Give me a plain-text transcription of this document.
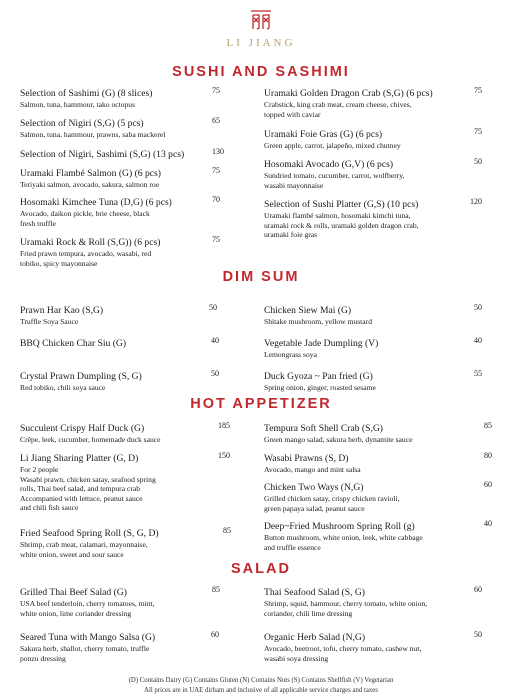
LI JIANG
SUSHI AND SASHIMI
Selection of Sashimi (G) (8 slices)	75
Salmon, tuna, hammour, tako octopus
Selection of Nigiri (S,G) (5 pcs)	65
Salmon, tuna, hammour, prawns, saba mackerel
Selection of Nigiri, Sashimi (S,G) (13 pcs)	130
Uramaki Flambé Salmon (G) (6 pcs)	75
Teriyaki salmon, avocado, sakura, salmon roe
Hosomaki Kimchee Tuna (D,G) (6 pcs)	70
Avocado, daikon pickle, brie cheese, black
fresh truffle
Uramaki Rock & Roll (S,G)) (6 pcs)	75
Fried prawn tempura, avocado, wasabi, red
tobiko, spicy mayonnaise
Uramaki Golden Dragon Crab (S,G) (6 pcs)	75
Crabstick, king crab meat, cream cheese, chives,
topped with caviar
Uramaki Foie Gras (G) (6 pcs)	75
Green apple, carrot, jalapeño, mixed chutney
Hosomaki Avocado (G,V) (6 pcs)	50
Sundried tomato, cucumber, carrot, wolfberry,
wasabi mayonnaise
Selection of Sushi Platter (G,S) (10 pcs)	120
Uramaki flambé salmon, hosomaki kimchi tuna,
uramaki rock & rolls, uramaki golden dragon crab,
uramaki foie gras
DIM SUM
Prawn Har Kao (S,G)	50
Truffle Soya Sauce
BBQ Chicken Char Siu (G)	40
Crystal Prawn Dumpling (S, G)	50
Red tobiko, chili soya sauce
Chicken Siew Mai (G)	50
Shitake mushroom, yellow mustard
Vegetable Jade Dumpling (V)	40
Lemongrass soya
Duck Gyoza ~ Pan fried (G)	55
Spring onion, ginger, roasted sesame
HOT APPETIZER
Succulent Crispy Half Duck (G)	185
Crêpe, leek, cucumber, homemade duck sauce
Li Jiang Sharing Platter (G, D)	150
For 2 people
Wasabi prawn, chicken satay, seafood spring
rolls, Thai beef salad, and tempura crab
Accompanied with lettuce, peanut sauce
and chili fish sauce
Fried Seafood Spring Roll (S, G, D)	85
Shrimp, crab meat, calamari, mayonnaise,
white onion, sweet and sour sauce
Tempura Soft Shell Crab (S,G)	85
Green mango salad, sakura herb, dynamite sauce
Wasabi Prawns (S, D)	80
Avocado, mango and mint salsa
Chicken Two Ways (N,G)	60
Grilled chicken satay, crispy chicken ravioli,
green papaya salad, peanut sauce
Deep~Fried Mushroom Spring Roll (g)	40
Button mushroom, white onion, leek, white cabbage
and truffle essence
SALAD
Grilled Thai Beef Salad (G)	85
USA beef tenderloin, cherry tomatoes, mint,
white onion, lime coriander dressing
Seared Tuna with Mango Salsa (G)	60
Sakura herb, shallot, cherry tomato, truffle
ponzu dressing
Thai Seafood Salad (S, G)	60
Shrimp, squid, hammour, cherry tomato, white onion,
coriander, chili lime dressing
Organic Herb Salad (N,G)	50
Avocado, beetroot, tofu, cherry tomato, cashew nut,
wasabi soya dressing
(D) Contains Dairy (G) Contains Gluten (N) Contains Nuts (S) Contains Shellfish (V) Vegetarian
All prices are in UAE dirham and inclusive of all applicable service charges and taxes
